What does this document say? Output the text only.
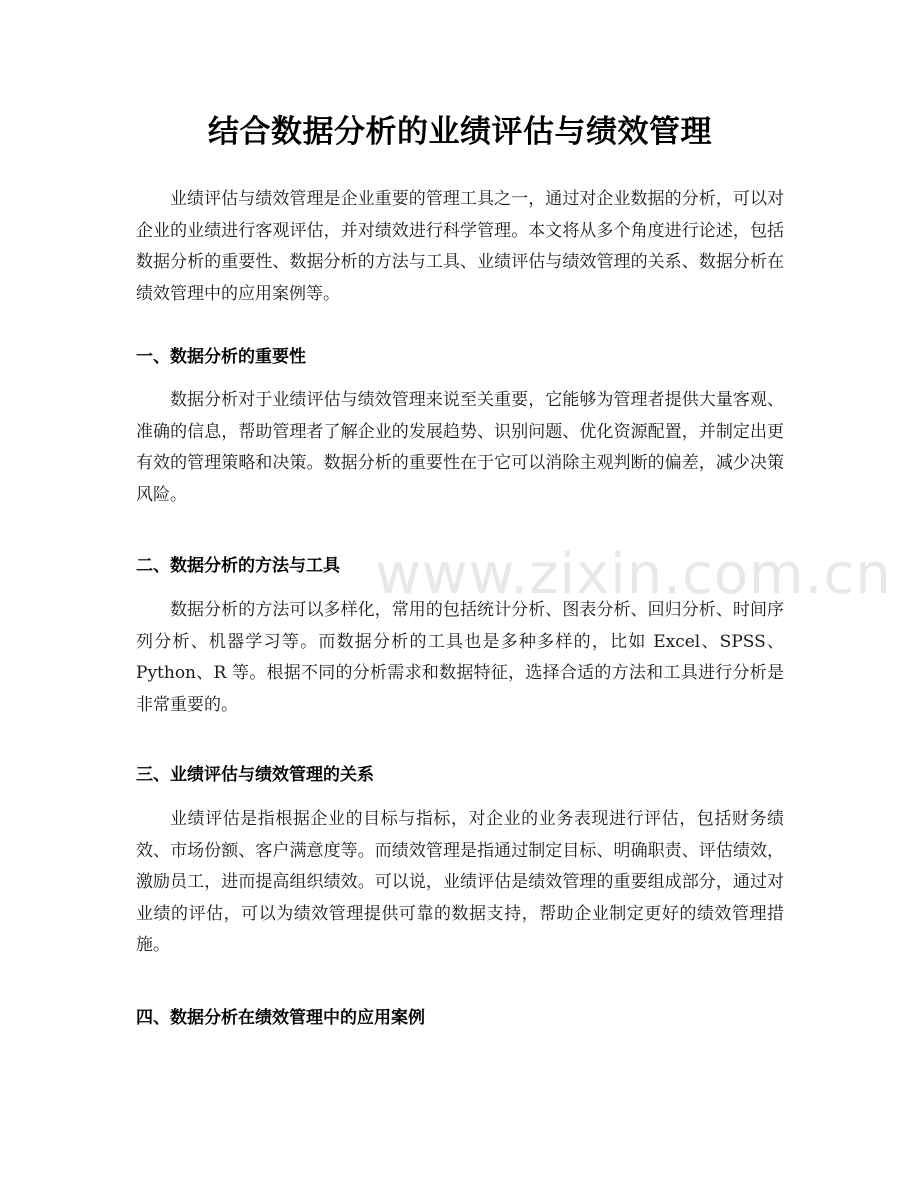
结合数据分析的业绩评估与绩效管理
业绩评估与绩效管理是企业重要的管理工具之一，通过对企业数据的分析，可以对企业的业绩进行客观评估，并对绩效进行科学管理。本文将从多个角度进行论述，包括数据分析的重要性、数据分析的方法与工具、业绩评估与绩效管理的关系、数据分析在绩效管理中的应用案例等。
一、数据分析的重要性
数据分析对于业绩评估与绩效管理来说至关重要，它能够为管理者提供大量客观、准确的信息，帮助管理者了解企业的发展趋势、识别问题、优化资源配置，并制定出更有效的管理策略和决策。数据分析的重要性在于它可以消除主观判断的偏差，减少决策风险。
二、数据分析的方法与工具
数据分析的方法可以多样化，常用的包括统计分析、图表分析、回归分析、时间序列分析、机器学习等。而数据分析的工具也是多种多样的，比如 Excel、SPSS、Python、R 等。根据不同的分析需求和数据特征，选择合适的方法和工具进行分析是非常重要的。
三、业绩评估与绩效管理的关系
业绩评估是指根据企业的目标与指标，对企业的业务表现进行评估，包括财务绩效、市场份额、客户满意度等。而绩效管理是指通过制定目标、明确职责、评估绩效，激励员工，进而提高组织绩效。可以说，业绩评估是绩效管理的重要组成部分，通过对业绩的评估，可以为绩效管理提供可靠的数据支持，帮助企业制定更好的绩效管理措施。
四、数据分析在绩效管理中的应用案例
www.zixin.com.cn
